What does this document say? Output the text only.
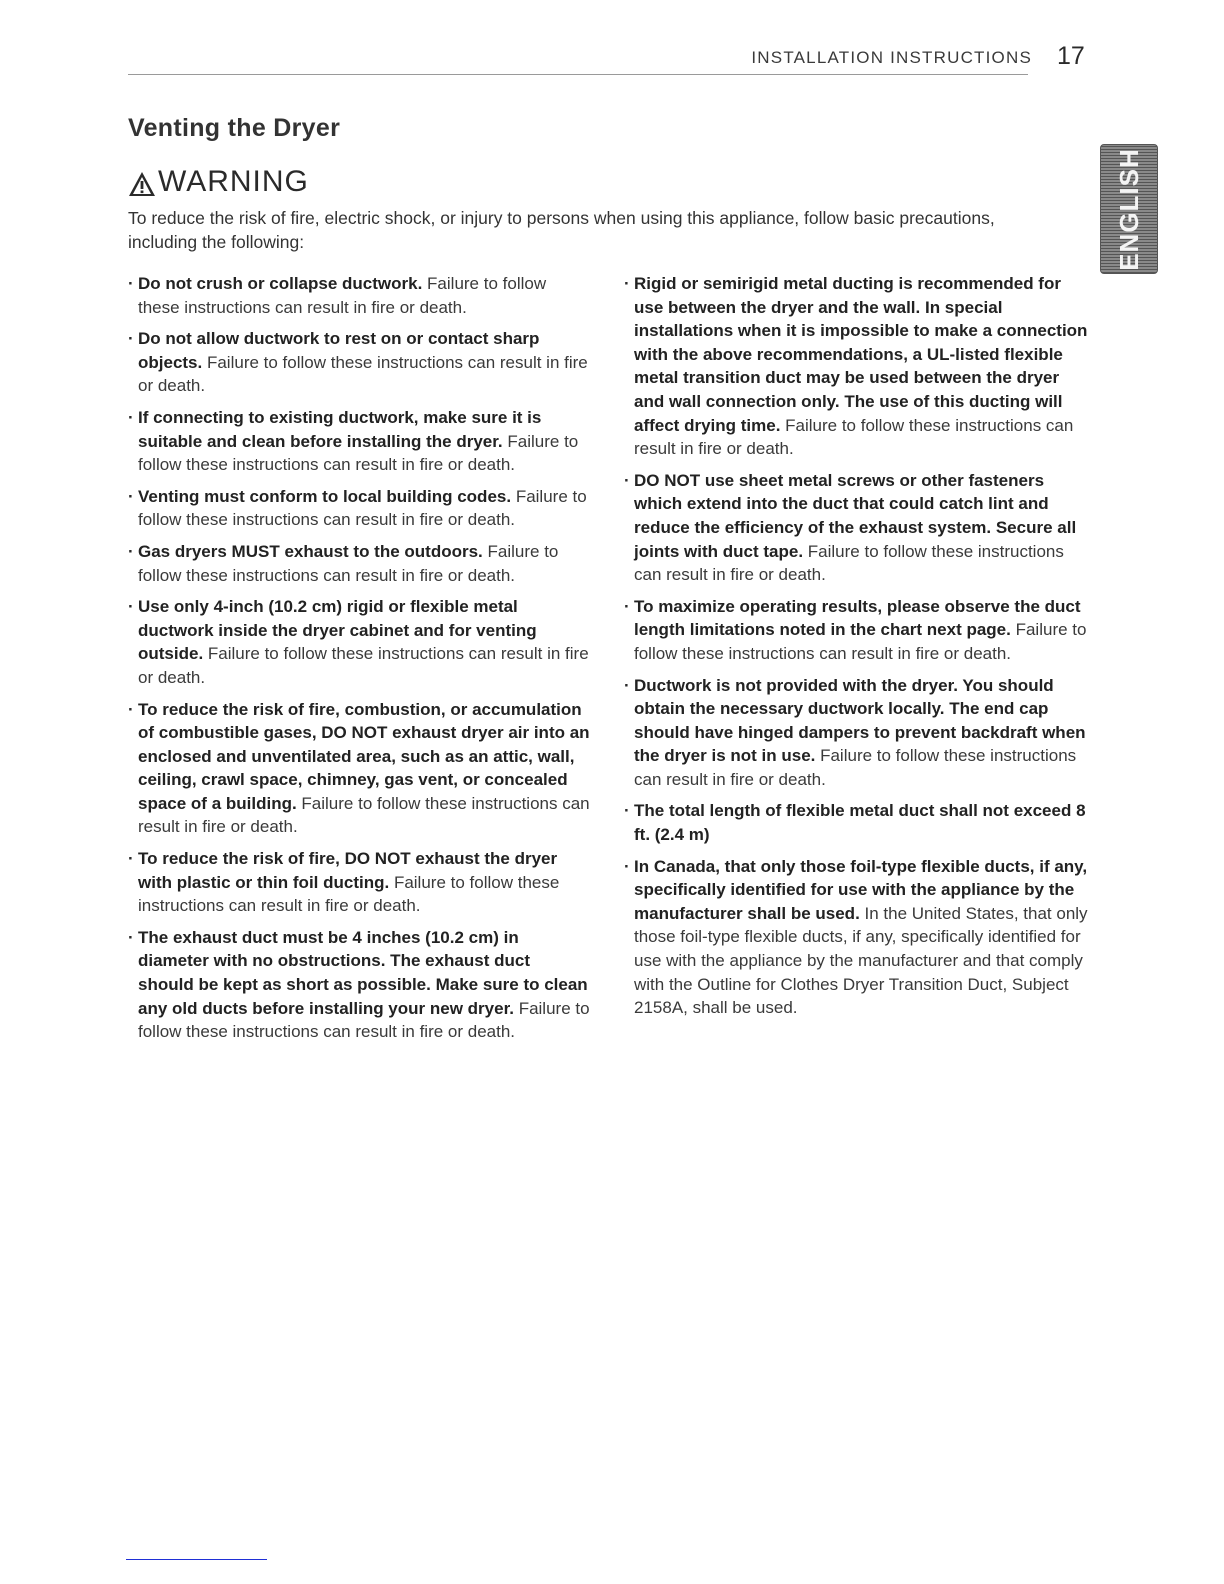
INSTALLATION INSTRUCTIONS 17
Venting the Dryer
WARNING

To reduce the risk of fire, electric shock, or injury to persons when using this appliance, follow basic precautions, including the following:	ENGLISH
· Do not crush or collapse ductwork. Failure to follow these instructions can result in fire or death.
· Do not allow ductwork to rest on or contact sharp objects. Failure to follow these instructions can result in fire or death.
· If connecting to existing ductwork, make sure it is suitable and clean before installing the dryer. Failure to follow these instructions can result in fire or death.
· Venting must conform to local building codes. Failure to follow these instructions can result in fire or death.
· Gas dryers MUST exhaust to the outdoors. Failure to follow these instructions can result in fire or death.
· Use only 4-inch (10.2 cm) rigid or flexible metal ductwork inside the dryer cabinet and for venting outside. Failure to follow these instructions can result in fire or death.
· To reduce the risk of fire, combustion, or accumulation of combustible gases, DO NOT exhaust dryer air into an enclosed and unventilated area, such as an attic, wall, ceiling, crawl space, chimney, gas vent, or concealed space of a building. Failure to follow these instructions can result in fire or death.
· To reduce the risk of fire, DO NOT exhaust the dryer with plastic or thin foil ducting. Failure to follow these instructions can result in fire or death.
· The exhaust duct must be 4 inches (10.2 cm) in diameter with no obstructions. The exhaust duct should be kept as short as possible. Make sure to clean any old ducts before installing your new dryer. Failure to follow these instructions can result in fire or death.
· Rigid or semirigid metal ducting is recommended for use between the dryer and the wall. In special installations when it is impossible to make a connection with the above recommendations, a UL-listed flexible metal transition duct may be used between the dryer and wall connection only. The use of this ducting will affect drying time. Failure to follow these instructions can result in fire or death.
· DO NOT use sheet metal screws or other fasteners which extend into the duct that could catch lint and reduce the efficiency of the exhaust system. Secure all joints with duct tape. Failure to follow these instructions can result in fire or death.
· To maximize operating results, please observe the duct length limitations noted in the chart next page. Failure to follow these instructions can result in fire or death.
· Ductwork is not provided with the dryer. You should obtain the necessary ductwork locally. The end cap should have hinged dampers to prevent backdraft when the dryer is not in use. Failure to follow these instructions can result in fire or death.
· The total length of flexible metal duct shall not exceed 8 ft. (2.4 m)
· In Canada, that only those foil-type flexible ducts, if any, specifically identified for use with the appliance by the manufacturer shall be used. In the United States, that only those foil-type flexible ducts, if any, specifically identified for use with the appliance by the manufacturer and that comply with the Outline for Clothes Dryer Transition Duct, Subject 2158A, shall be used.
